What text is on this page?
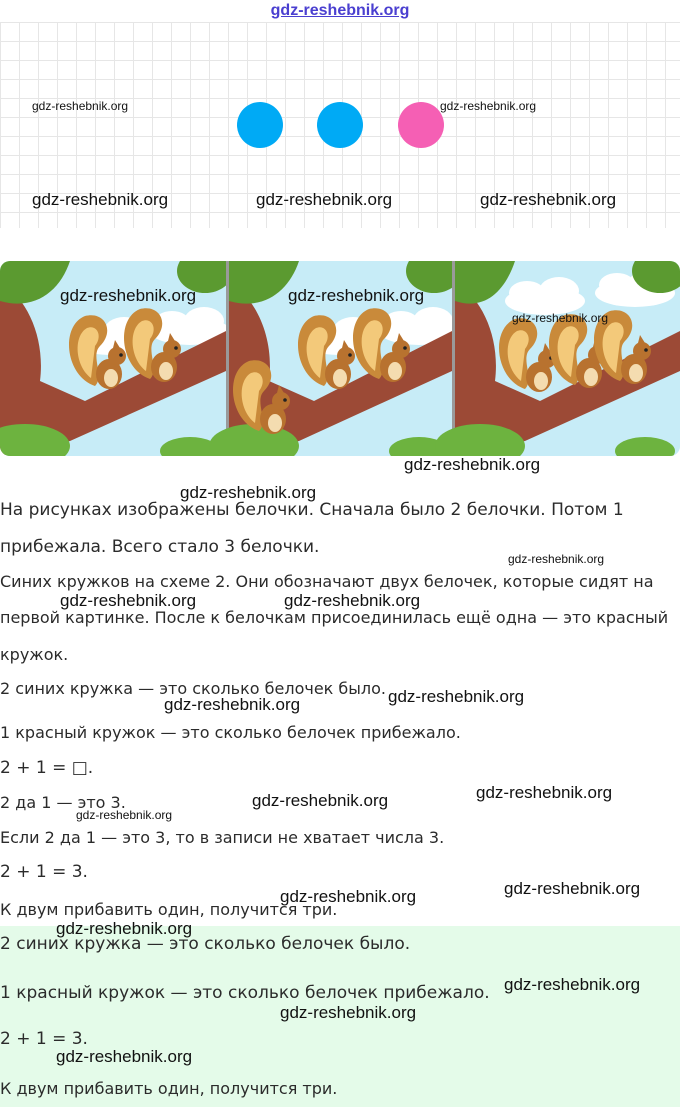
gdz-reshebnik.org
На рисунках изображены белочки. Сначала было 2 белочки. Потом 1
прибежала. Всего стало 3 белочки.
Синих кружков на схеме 2. Они обозначают двух белочек, которые сидят на
первой картинке. После к белочкам присоединилась ещё одна — это красный
кружок.
2 синих кружка — это сколько белочек было.
1 красный кружок — это сколько белочек прибежало.
2 + 1 = □.
2 да 1 — это 3.
Если 2 да 1 — это 3, то в записи не хватает числа 3.
2 + 1 = 3.
К двум прибавить один, получится три.
2 синих кружка — это сколько белочек было.
1 красный кружок — это сколько белочек прибежало.
2 + 1 = 3.
К двум прибавить один, получится три.
gdz-reshebnik.org	gdz-reshebnik.org
gdz-reshebnik.org	gdz-reshebnik.org	gdz-reshebnik.org
gdz-reshebnik.org	gdz-reshebnik.org
gdz-reshebnik.org
gdz-reshebnik.org
gdz-reshebnik.org
gdz-reshebnik.org
gdz-reshebnik.org	gdz-reshebnik.org
gdz-reshebnik.org
gdz-reshebnik.org
gdz-reshebnik.org
gdz-reshebnik.org
gdz-reshebnik.org
gdz-reshebnik.org
gdz-reshebnik.org
gdz-reshebnik.org
gdz-reshebnik.org
gdz-reshebnik.org
gdz-reshebnik.org
